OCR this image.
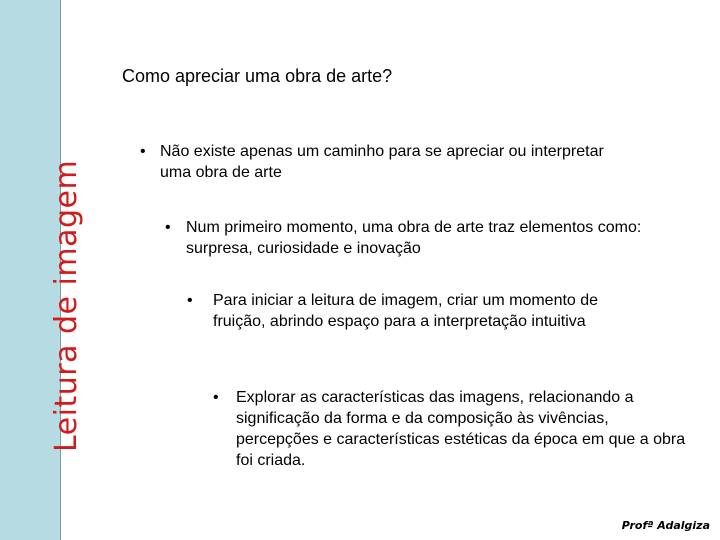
Leitura de imagem
Como apreciar uma obra de arte?
• Não existe apenas um caminho para se apreciar ou interpretar uma obra de arte
• Num primeiro momento, uma obra de arte traz elementos como: surpresa, curiosidade e inovação
•	Para iniciar a leitura de imagem, criar um momento de fruição, abrindo espaço para a interpretação intuitiva
•	Explorar as características das imagens, relacionando a significação da forma e da composição às vivências, percepções e características estéticas da época em que a obra foi criada.
Profª Adalgiza
